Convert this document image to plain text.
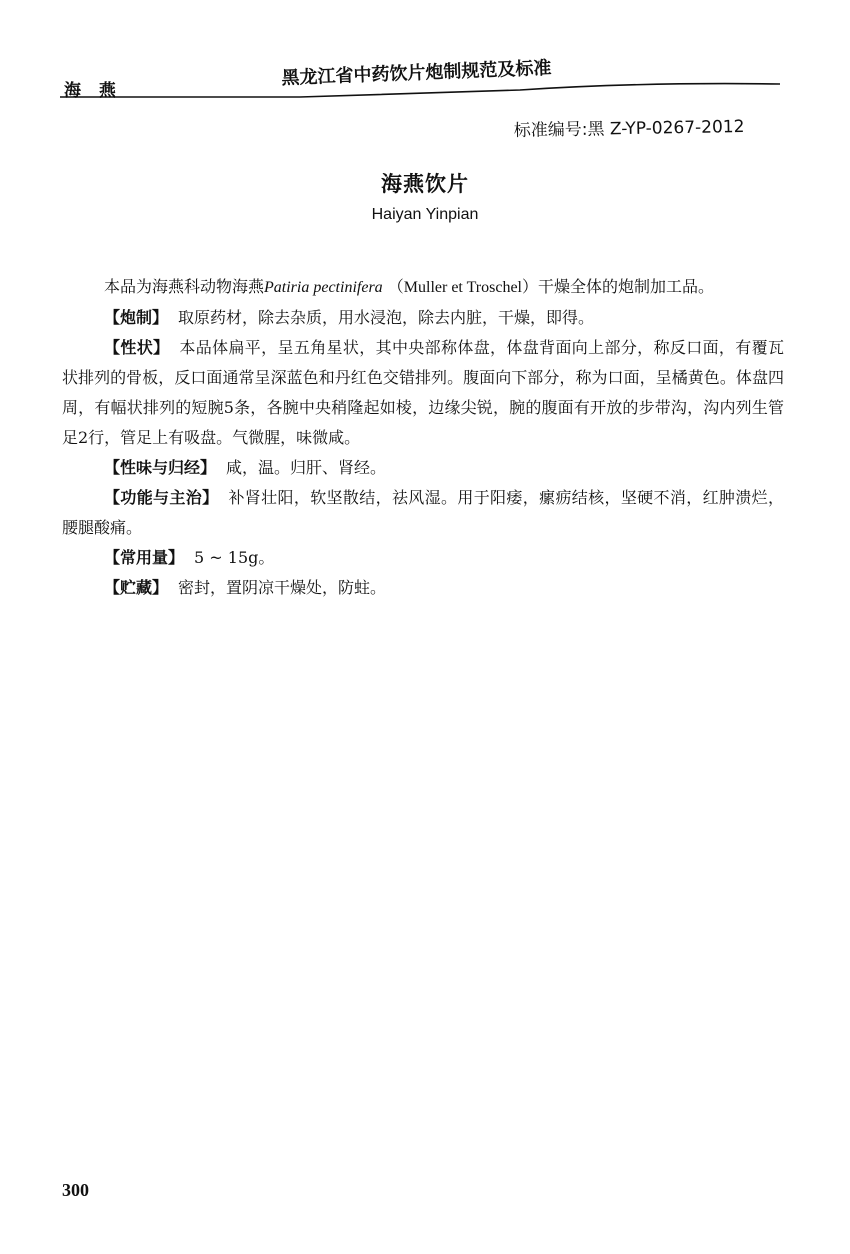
海 燕
黑龙江省中药饮片炮制规范及标准
标准编号:黑 Z-YP-0267-2012
海燕饮片
Haiyan Yinpian

本品为海燕科动物海燕Patiria pectinifera （Muller et Troschel）干燥全体的炮制加工品。

【炮制】 取原药材，除去杂质，用水浸泡，除去内脏，干燥，即得。

【性状】 本品体扁平，呈五角星状，其中央部称体盘，体盘背面向上部分，称反口面，有覆瓦状排列的骨板，反口面通常呈深蓝色和丹红色交错排列。腹面向下部分，称为口面，呈橘黄色。体盘四周，有幅状排列的短腕5条，各腕中央稍隆起如棱，边缘尖锐，腕的腹面有开放的步带沟，沟内列生管足2行，管足上有吸盘。气微腥，味微咸。

【性味与归经】 咸，温。归肝、肾经。

【功能与主治】 补肾壮阳，软坚散结，祛风湿。用于阳痿，瘰疬结核，坚硬不消，红肿溃烂，腰腿酸痛。

【常用量】 5 ~ 15g。

【贮藏】 密封，置阴凉干燥处，防蛀。

300
